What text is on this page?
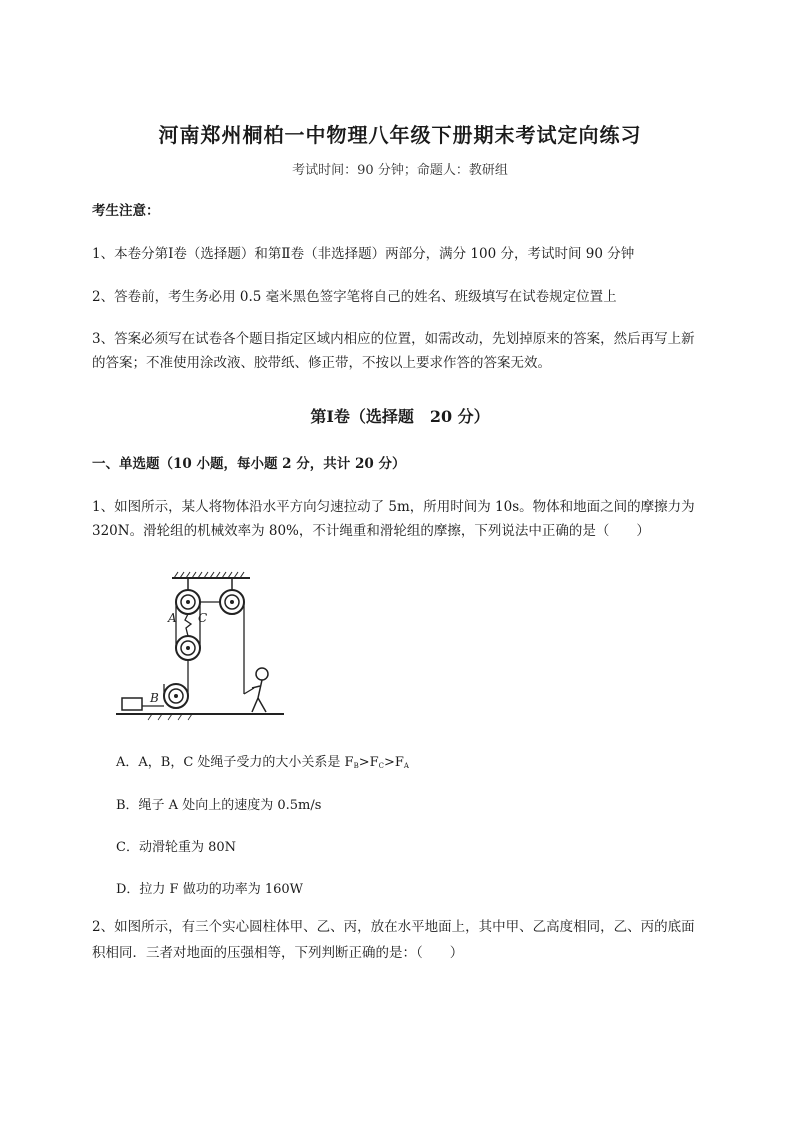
河南郑州桐柏一中物理八年级下册期末考试定向练习
考试时间：90 分钟；命题人：教研组
考生注意：
1、本卷分第Ⅰ卷（选择题）和第Ⅱ卷（非选择题）两部分，满分 100 分，考试时间 90 分钟
2、答卷前，考生务必用 0.5 毫米黑色签字笔将自己的姓名、班级填写在试卷规定位置上
3、答案必须写在试卷各个题目指定区域内相应的位置，如需改动，先划掉原来的答案，然后再写上新
的答案；不准使用涂改液、胶带纸、修正带，不按以上要求作答的答案无效。
第Ⅰ卷（选择题　20 分）
一、单选题（10 小题，每小题 2 分，共计 20 分）
1、如图所示，某人将物体沿水平方向匀速拉动了 5m，所用时间为 10s。物体和地面之间的摩擦力为
320N。滑轮组的机械效率为 80%，不计绳重和滑轮组的摩擦，下列说法中正确的是（　　）
A C
B
A．A，B，C 处绳子受力的大小关系是 $F_B>F_C>F_A$
B．绳子 A 处向上的速度为 0.5m/s
C．动滑轮重为 80N
D．拉力 F 做功的功率为 160W
2、如图所示，有三个实心圆柱体甲、乙、丙，放在水平地面上，其中甲、乙高度相同，乙、丙的底面
积相同．三者对地面的压强相等，下列判断正确的是：（　　）
